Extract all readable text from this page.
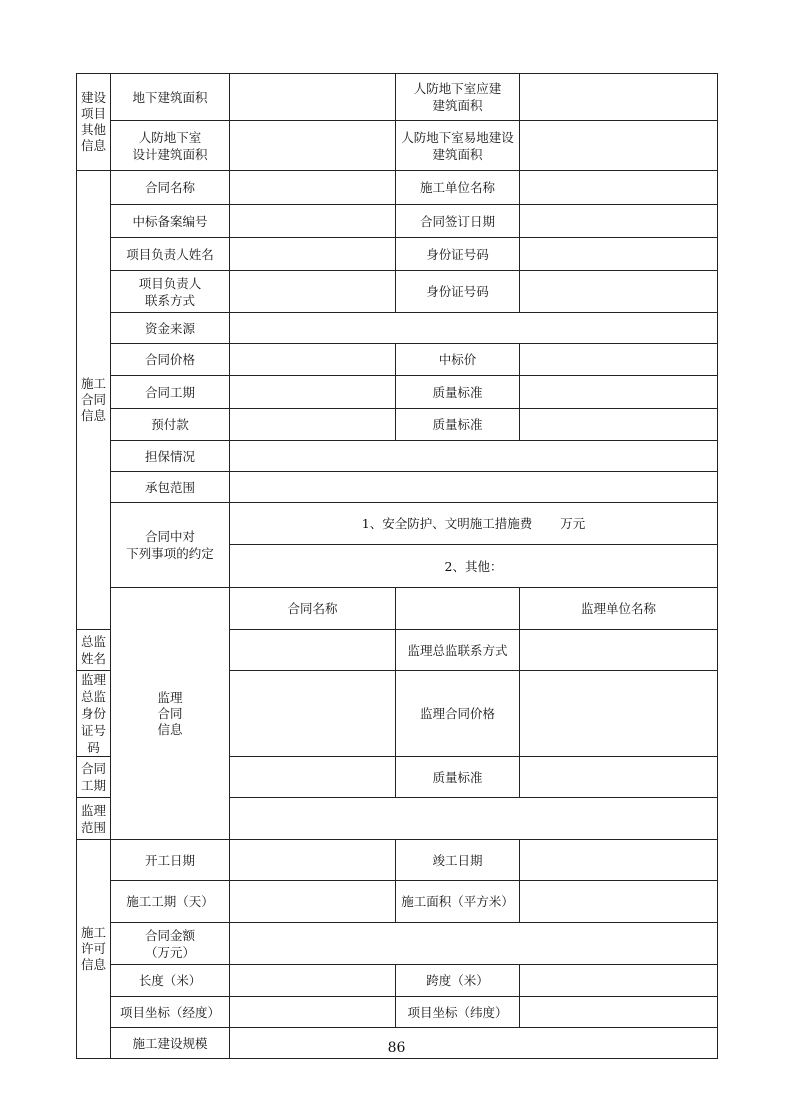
建设
项目
其他
信息	地下建筑面积		人防地下室应建
建筑面积		
	人防地下室
设计建筑面积		人防地下室易地建设
建筑面积		
施工
合同
信息	合同名称		施工单位名称		
	中标备案编号		合同签订日期		
	项目负责人姓名		身份证号码		
	项目负责人
联系方式		身份证号码		
	资金来源				
	合同价格		中标价		
	合同工期		质量标准		
	预付款		质量标准		
	担保情况				
	承包范围				
	合同中对
下列事项的约定	1、安全防护、文明施工措施费 万元			
		2、其他：			
	监理
合同
信息	合同名称		监理单位名称	
总监姓名			监理总监联系方式		
监理总监
身份证号码			监理合同价格		
合同工期			质量标准		
监理范围					
施工
许可
信息	开工日期		竣工日期		
	施工工期（天）		施工面积（平方米）		
	合同金额
（万元）				
	长度（米）		跨度（米）		
	项目坐标（经度）		项目坐标（纬度）		
	施工建设规模					86
